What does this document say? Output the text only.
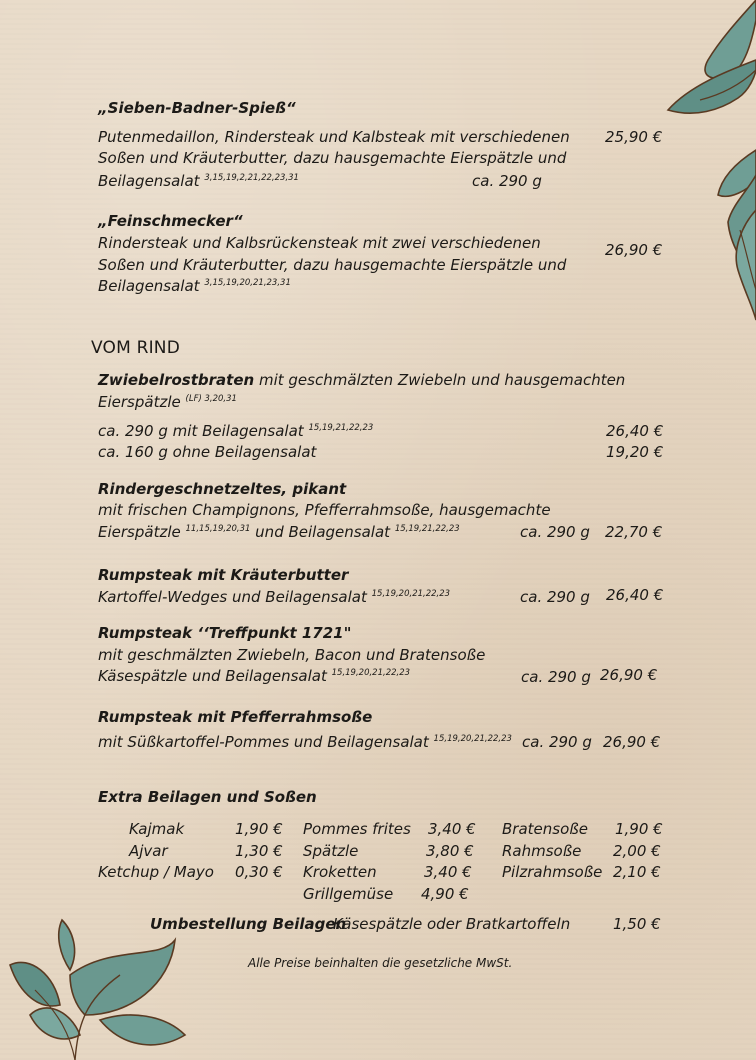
„Sieben-Badner-Spieß“
Putenmedaillon, Rindersteak und Kalbsteak mit verschiedenen 25,90 €
Soßen und Kräuterbutter, dazu hausgemachte Eierspätzle und
Beilagensalat $^{3,15,19,2,21,22,23,31}$	ca. 290 g
„Feinschmecker“
Rindersteak und Kalbsrückensteak mit zwei verschiedenen	26,90 €
Soßen und Kräuterbutter, dazu hausgemachte Eierspätzle und
Beilagensalat $^{3,15,19,20,21,23,31}$
VOM RIND
Zwiebelrostbraten mit geschmälzten Zwiebeln und hausgemachten
Eierspätzle $^{(LF) 3,20,31}$
ca. 290 g mit Beilagensalat $^{15,19,21,22,23}$	26,40 €
ca. 160 g ohne Beilagensalat	19,20 €
Rindergeschnetzeltes, pikant
mit frischen Champignons, Pfefferrahmsoße, hausgemachte
Eierspätzle $^{11,15,19,20,31}$ und Beilagensalat $^{15,19,21,22,23}$	ca. 290 g 22,70 €
Rumpsteak mit Kräuterbutter
Kartoffel-Wedges und Beilagensalat $^{15,19,20,21,22,23}$	ca. 290 g 26,40 €
Rumpsteak ‘‘Treffpunkt 1721"
mit geschmälzten Zwiebeln, Bacon und Bratensoße
Käsespätzle und Beilagensalat $^{15,19,20,21,22,23}$	ca. 290 g 26,90 €
Rumpsteak mit Pfefferrahmsoße
mit Süßkartoffel-Pommes und Beilagensalat $^{15,19,20,21,22,23}$ ca. 290 g 26,90 €
Extra Beilagen und Soßen
Kajmak	1,90 €
Ajvar	1,30 €
Ketchup / Mayo 0,30 €
Pommes frites 3,40 €
Spätzle	3,80 €
Kroketten	3,40 €
Grillgemüse 4,90 €
Bratensoße 1,90 €
Rahmsoße 2,00 €
Pilzrahmsoße 2,10 €
Umbestellung Beilagen
Käsespätzle oder Bratkartoffeln	1,50 €
Alle Preise beinhalten die gesetzliche MwSt.
